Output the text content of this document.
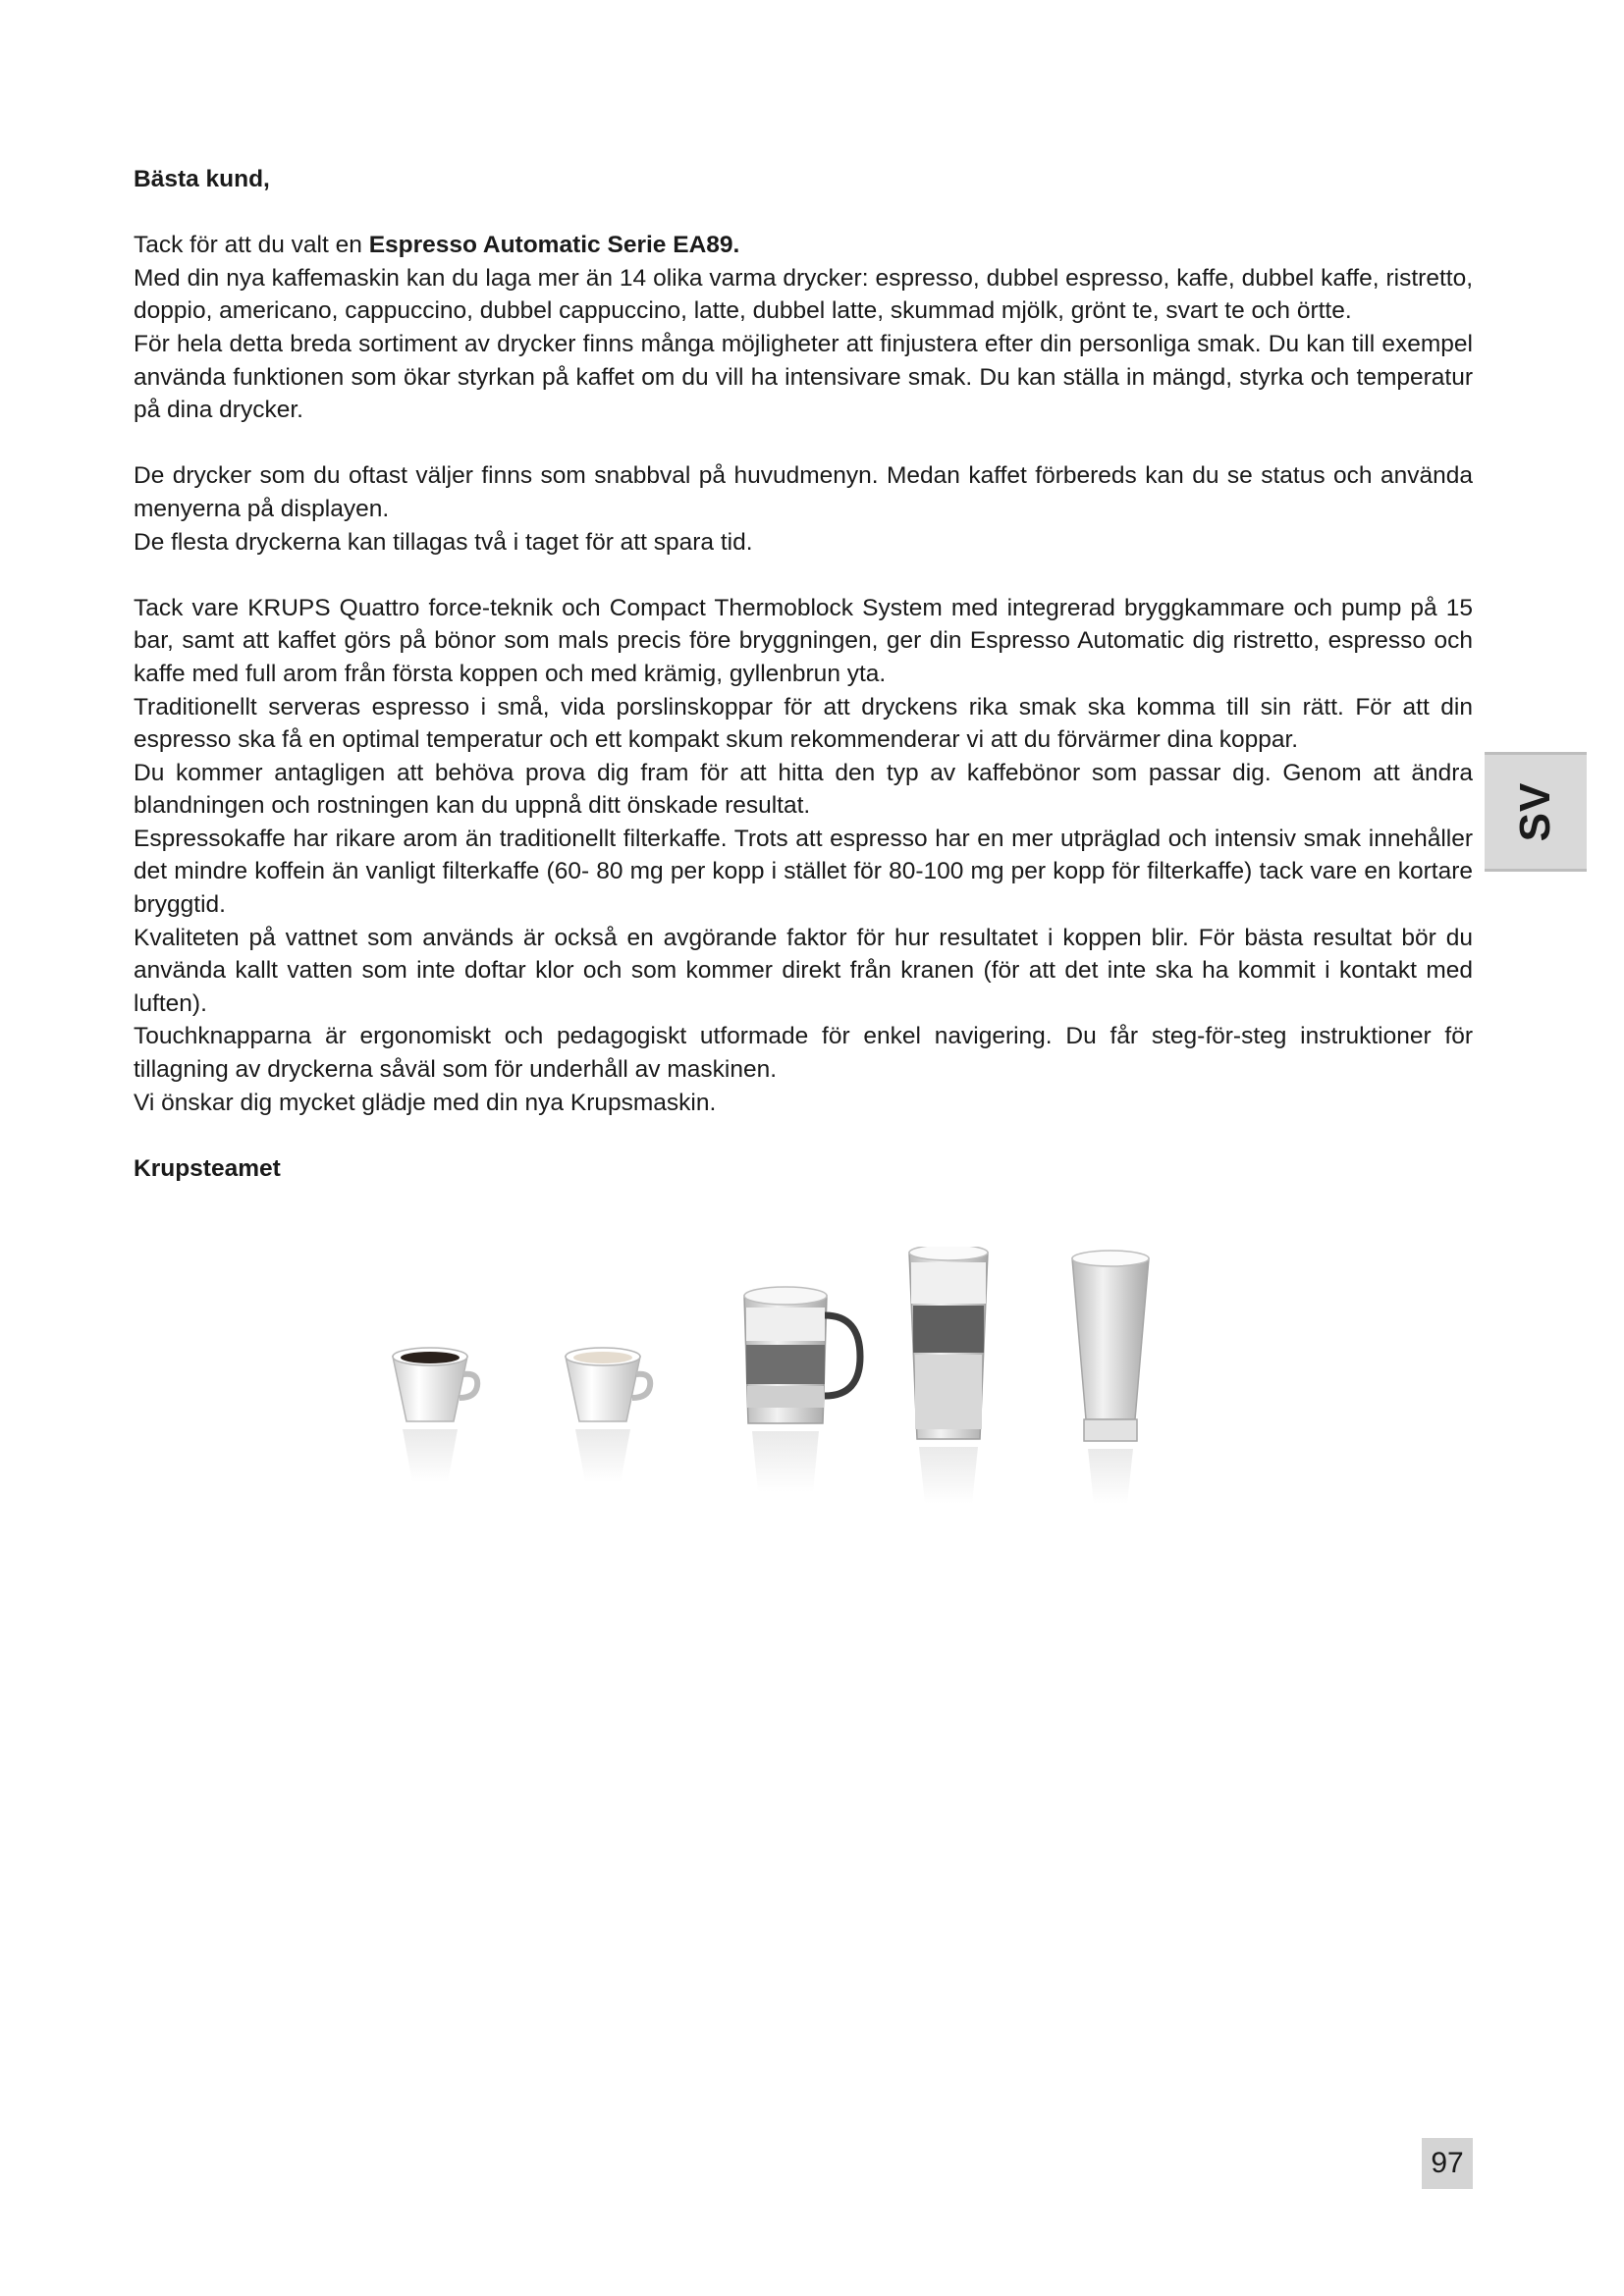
Bästa kund,

Tack för att du valt en Espresso Automatic Serie EA89.

Med din nya kaffemaskin kan du laga mer än 14 olika varma drycker: espresso, dubbel espresso, kaffe, dubbel kaffe, ristretto, doppio, americano, cappuccino, dubbel cappuccino, latte, dubbel latte, skummad mjölk, grönt te, svart te och örtte.

För hela detta breda sortiment av drycker finns många möjligheter att finjustera efter din personliga smak. Du kan till exempel använda funktionen som ökar styrkan på kaffet om du vill ha intensivare smak. Du kan ställa in mängd, styrka och temperatur på dina drycker.

De drycker som du oftast väljer finns som snabbval på huvudmenyn. Medan kaffet förbereds kan du se status och använda menyerna på displayen.

De flesta dryckerna kan tillagas två i taget för att spara tid.

Tack vare KRUPS Quattro force-teknik och Compact Thermoblock System med integrerad bryggkammare och pump på 15 bar, samt att kaffet görs på bönor som mals precis före bryggningen, ger din Espresso Automatic dig ristretto, espresso och kaffe med full arom från första koppen och med krämig, gyllenbrun yta.

Traditionellt serveras espresso i små, vida porslinskoppar för att dryckens rika smak ska komma till sin rätt. För att din espresso ska få en optimal temperatur och ett kompakt skum rekommenderar vi att du förvärmer dina koppar.

Du kommer antagligen att behöva prova dig fram för att hitta den typ av kaffebönor som passar dig. Genom att ändra blandningen och rostningen kan du uppnå ditt önskade resultat.

Espressokaffe har rikare arom än traditionellt filterkaffe. Trots att espresso har en mer utpräglad och intensiv smak innehåller det mindre koffein än vanligt filterkaffe (60- 80 mg per kopp i stället för 80-100 mg per kopp för filterkaffe) tack vare en kortare bryggtid.

Kvaliteten på vattnet som används är också en avgörande faktor för hur resultatet i koppen blir. För bästa resultat bör du använda kallt vatten som inte doftar klor och som kommer direkt från kranen (för att det inte ska ha kommit i kontakt med luften).

Touchknapparna är ergonomiskt och pedagogiskt utformade för enkel navigering. Du får steg-för-steg instruktioner för tillagning av dryckerna såväl som för underhåll av maskinen.

Vi önskar dig mycket glädje med din nya Krupsmaskin.

Krupsteamet

SV
97
